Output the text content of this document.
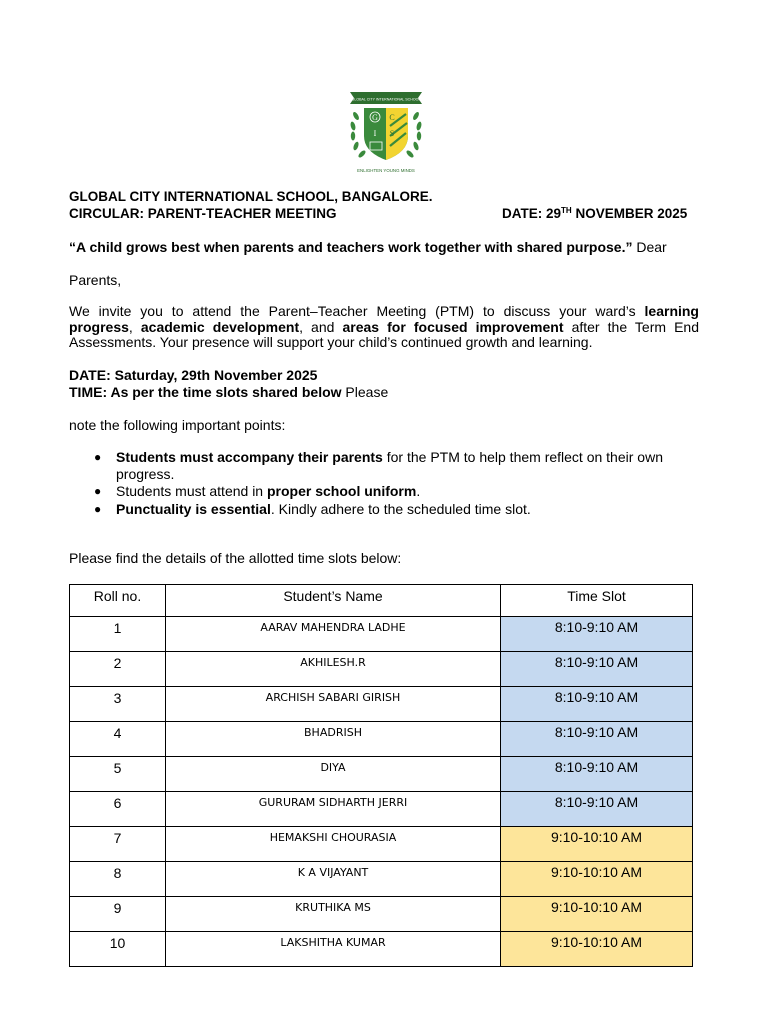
GLOBAL CITY INTERNATIONAL SCHOOL
G C
I S
ENLIGHTEN YOUNG MINDS
GLOBAL CITY INTERNATIONAL SCHOOL, BANGALORE.
CIRCULAR: PARENT-TEACHER MEETING	DATE: 29TH NOVEMBER 2025
“A child grows best when parents and teachers work together with shared purpose.” Dear
Parents,
We invite you to attend the Parent–Teacher Meeting (PTM) to discuss your ward’s learning progress, academic development, and areas for focused improvement after the Term End Assessments. Your presence will support your child’s continued growth and learning.
DATE: Saturday, 29th November 2025
TIME: As per the time slots shared below Please
note the following important points:
● Students must accompany their parents for the PTM to help them reflect on their own progress.
● Students must attend in proper school uniform.
● Punctuality is essential. Kindly adhere to the scheduled time slot.
Please find the details of the allotted time slots below:
Roll no.	Student’s Name	Time Slot
1	AARAV MAHENDRA LADHE	8:10-9:10 AM
2	AKHILESH.R	8:10-9:10 AM
3	ARCHISH SABARI GIRISH	8:10-9:10 AM
4	BHADRISH	8:10-9:10 AM
5	DIYA	8:10-9:10 AM
6	GURURAM SIDHARTH JERRI	8:10-9:10 AM
7	HEMAKSHI CHOURASIA	9:10-10:10 AM
8	K A VIJAYANT	9:10-10:10 AM
9	KRUTHIKA MS	9:10-10:10 AM
10	LAKSHITHA KUMAR	9:10-10:10 AM
